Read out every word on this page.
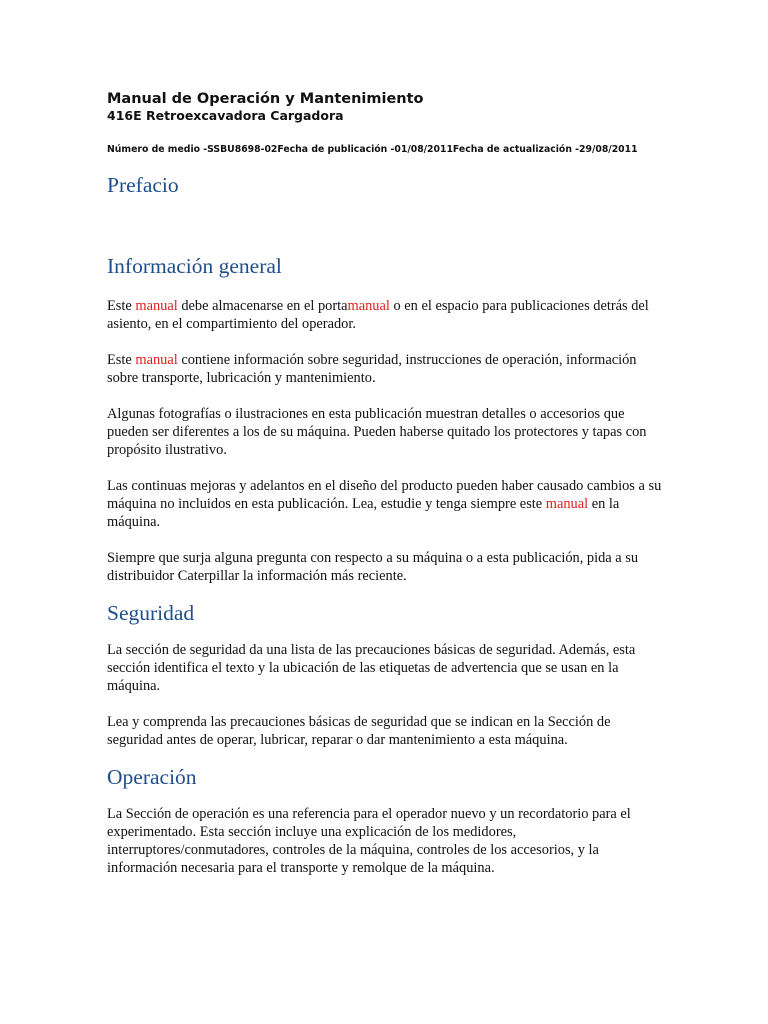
Manual de Operación y Mantenimiento
416E Retroexcavadora Cargadora
Número de medio -SSBU8698-02Fecha de publicación -01/08/2011Fecha de actualización -29/08/2011
Prefacio
Información general

Este manual debe almacenarse en el portamanual o en el espacio para publicaciones detrás del asiento, en el compartimiento del operador.

Este manual contiene información sobre seguridad, instrucciones de operación, información sobre transporte, lubricación y mantenimiento.

Algunas fotografías o ilustraciones en esta publicación muestran detalles o accesorios que pueden ser diferentes a los de su máquina. Pueden haberse quitado los protectores y tapas con propósito ilustrativo.

Las continuas mejoras y adelantos en el diseño del producto pueden haber causado cambios a su máquina no incluidos en esta publicación. Lea, estudie y tenga siempre este manual en la máquina.

Siempre que surja alguna pregunta con respecto a su máquina o a esta publicación, pida a su distribuidor Caterpillar la información más reciente.

Seguridad

La sección de seguridad da una lista de las precauciones básicas de seguridad. Además, esta sección identifica el texto y la ubicación de las etiquetas de advertencia que se usan en la máquina.

Lea y comprenda las precauciones básicas de seguridad que se indican en la Sección de seguridad antes de operar, lubricar, reparar o dar mantenimiento a esta máquina.

Operación

La Sección de operación es una referencia para el operador nuevo y un recordatorio para el experimentado. Esta sección incluye una explicación de los medidores, interruptores/conmutadores, controles de la máquina, controles de los accesorios, y la información necesaria para el transporte y remolque de la máquina.
